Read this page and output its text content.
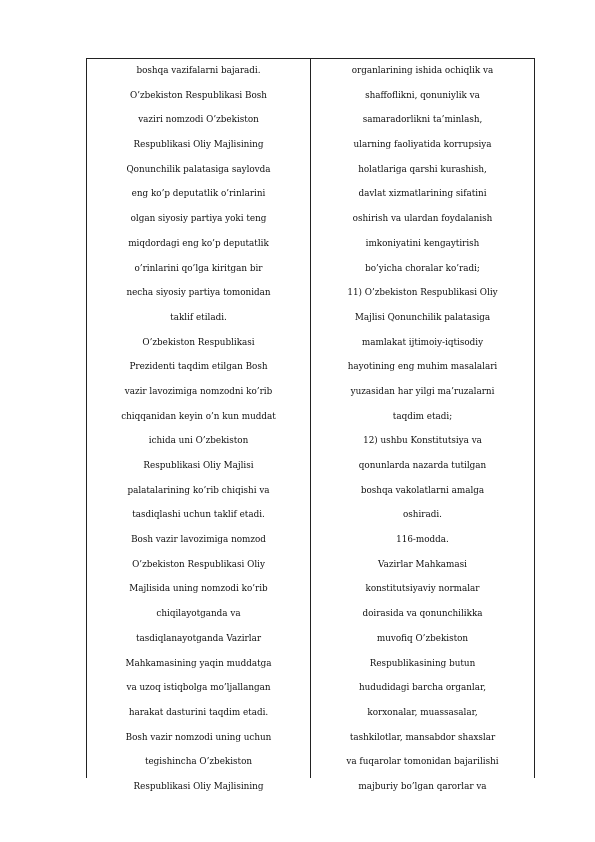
boshqa vazifalarni bajaradi.
O’zbekiston Respublikasi Bosh
vaziri nomzodi O’zbekiston
Respublikasi Oliy Majlisining
Qonunchilik palatasiga saylovda
eng ko’p deputatlik o’rinlarini
olgan siyosiy partiya yoki teng
miqdordagi eng ko’p deputatlik
o’rinlarini qo’lga kiritgan bir
necha siyosiy partiya tomonidan
taklif etiladi.
O’zbekiston Respublikasi
Prezidenti taqdim etilgan Bosh
vazir lavozimiga nomzodni ko’rib
chiqqanidan keyin o’n kun muddat
ichida uni O’zbekiston
Respublikasi Oliy Majlisi
palatalarining ko’rib chiqishi va
tasdiqlashi uchun taklif etadi.
Bosh vazir lavozimiga nomzod
O’zbekiston Respublikasi Oliy
Majlisida uning nomzodi ko’rib
chiqilayotganda va
tasdiqlanayotganda Vazirlar
Mahkamasining yaqin muddatga
va uzoq istiqbolga mo’ljallangan
harakat dasturini taqdim etadi.
Bosh vazir nomzodi uning uchun
tegishincha O’zbekiston
Respublikasi Oliy Majlisining
organlarining ishida ochiqlik va
shaffoflikni, qonuniylik va
samaradorlikni ta’minlash,
ularning faoliyatida korrupsiya
holatlariga qarshi kurashish,
davlat xizmatlarining sifatini
oshirish va ulardan foydalanish
imkoniyatini kengaytirish
bo’yicha choralar ko’radi;
11) O’zbekiston Respublikasi Oliy
Majlisi Qonunchilik palatasiga
mamlakat ijtimoiy-iqtisodiy
hayotining eng muhim masalalari
yuzasidan har yilgi ma’ruzalarni
taqdim etadi;
12) ushbu Konstitutsiya va
qonunlarda nazarda tutilgan
boshqa vakolatlarni amalga
oshiradi.
116-modda.
Vazirlar Mahkamasi
konstitutsiyaviy normalar
doirasida va qonunchilikka
muvofiq O’zbekiston
Respublikasining butun
hududidagi barcha organlar,
korxonalar, muassasalar,
tashkilotlar, mansabdor shaxslar
va fuqarolar tomonidan bajarilishi
majburiy bo’lgan qarorlar va
